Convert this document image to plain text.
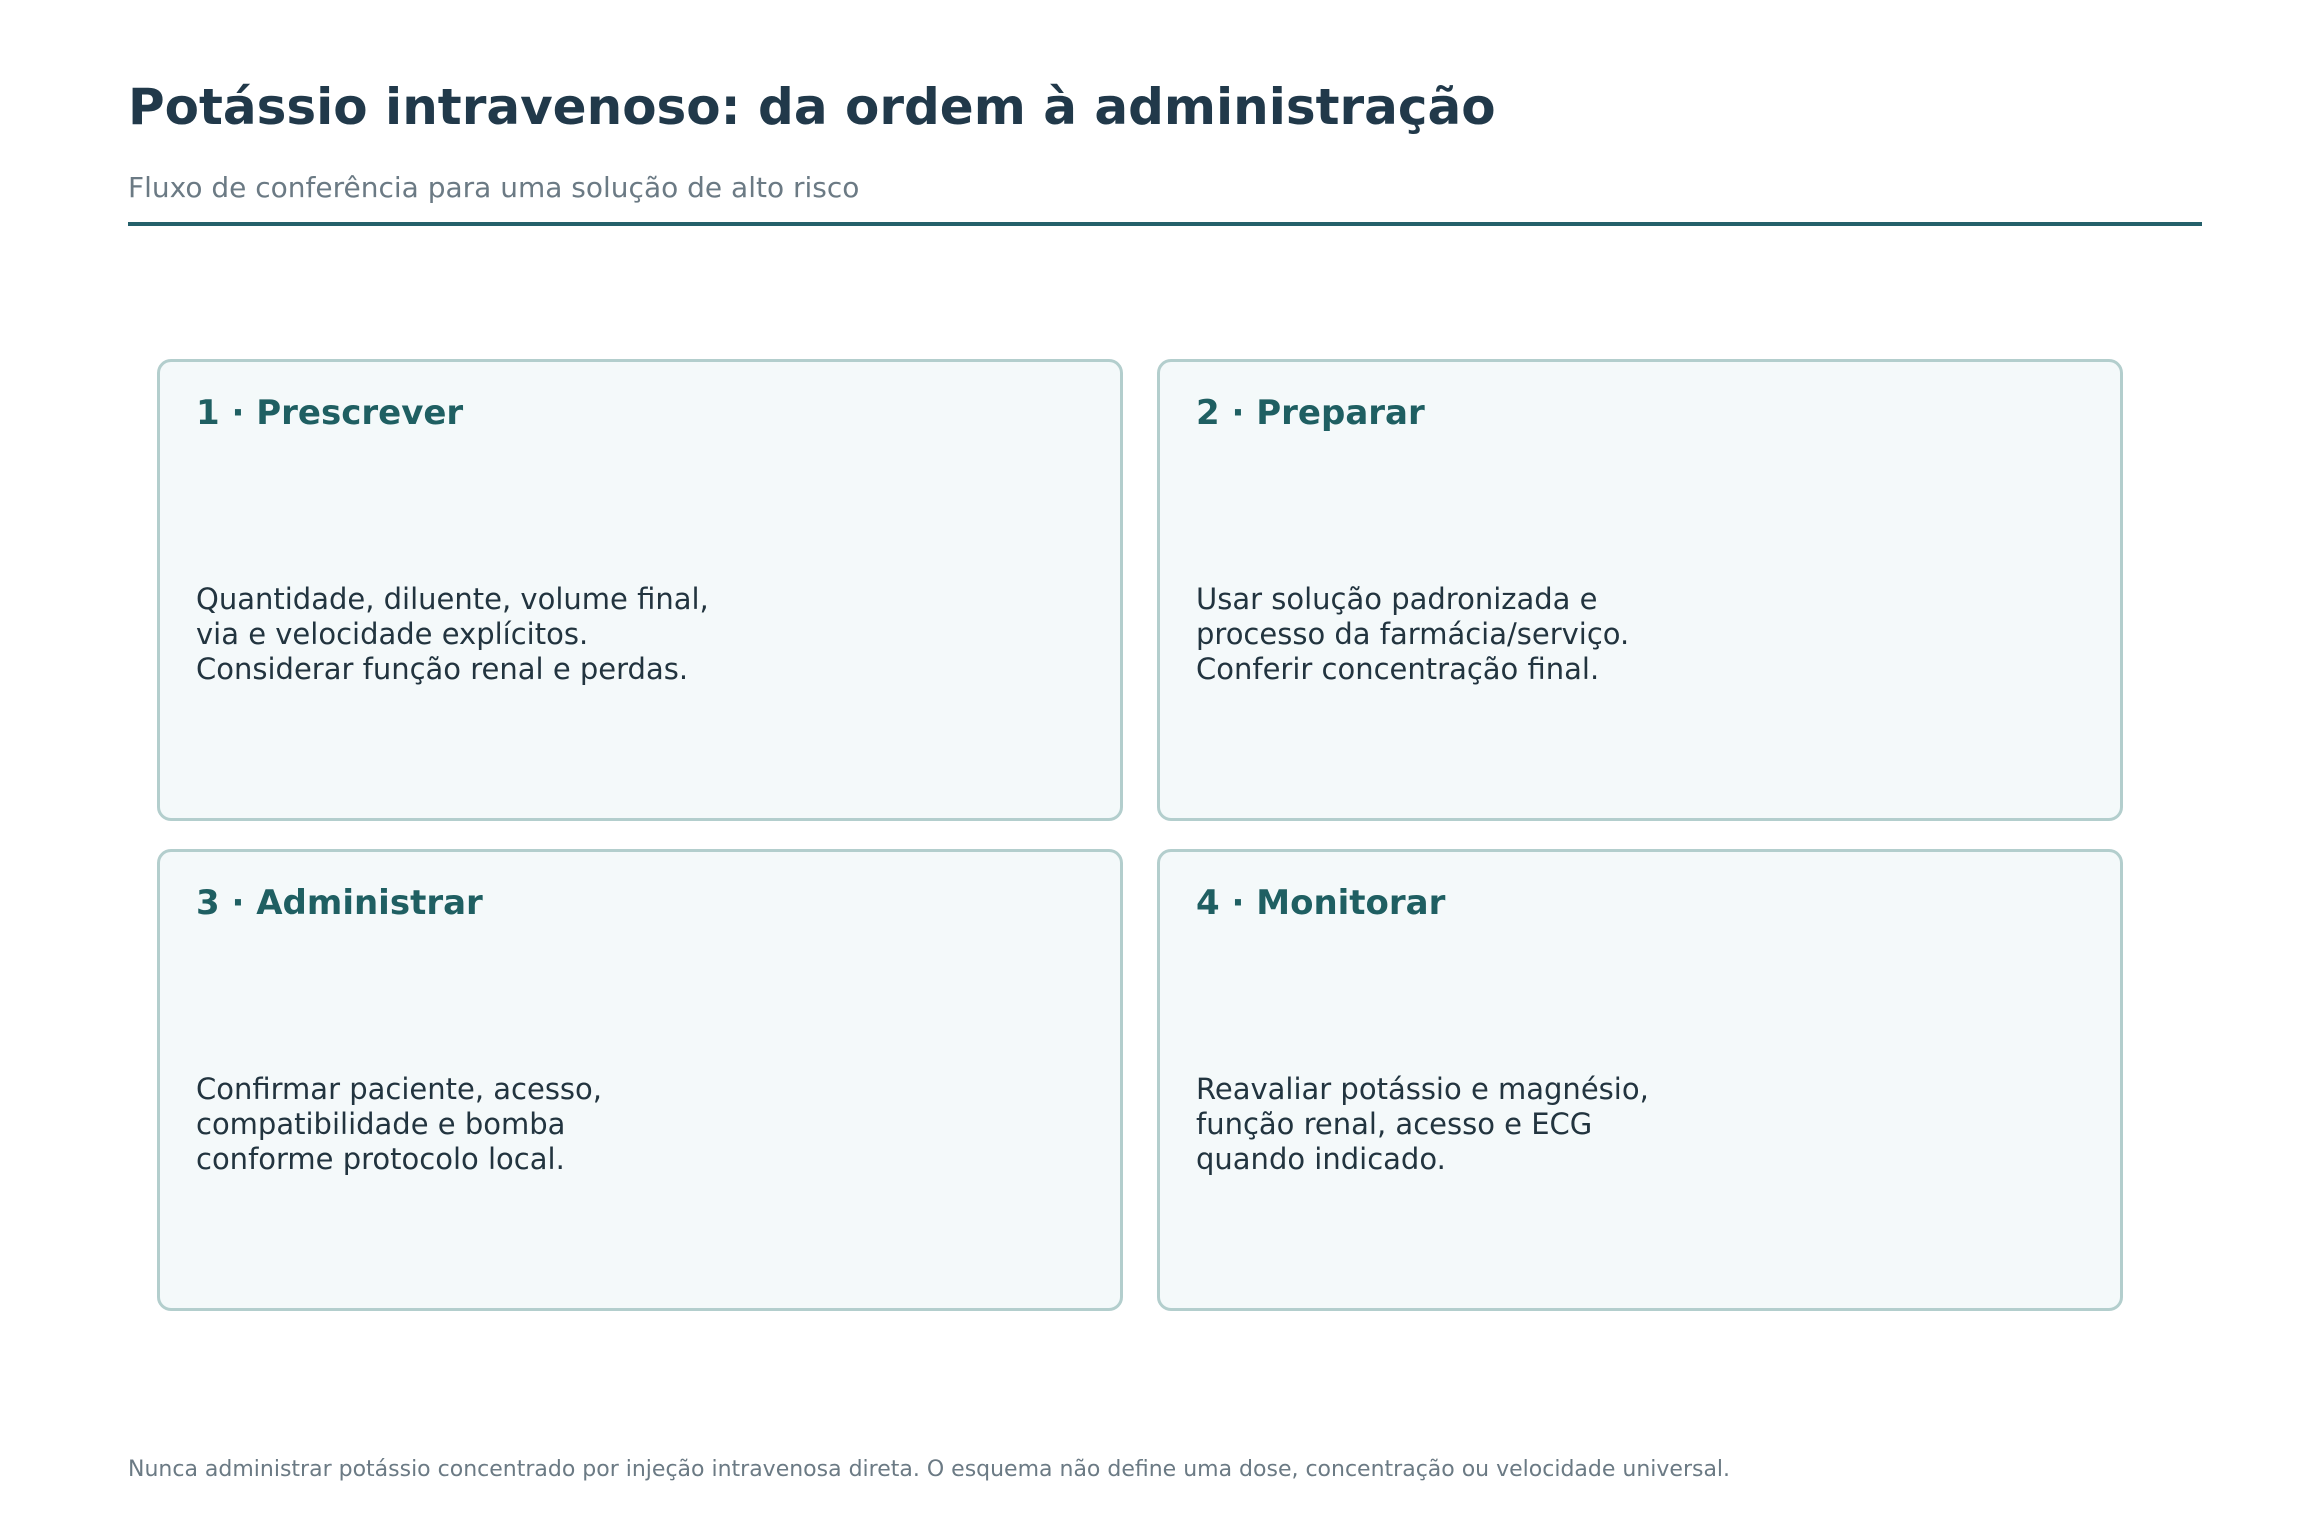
Potássio intravenoso: da ordem à administração

Fluxo de conferência para uma solução de alto risco

1 · Prescrever

Quantidade, diluente, volume final,
via e velocidade explícitos.
Considerar função renal e perdas.

2 · Preparar

Usar solução padronizada e
processo da farmácia/serviço.
Conferir concentração final.

3 · Administrar

Confirmar paciente, acesso,
compatibilidade e bomba
conforme protocolo local.

4 · Monitorar

Reavaliar potássio e magnésio,
função renal, acesso e ECG
quando indicado.

Nunca administrar potássio concentrado por injeção intravenosa direta. O esquema não define uma dose, concentração ou velocidade universal.
